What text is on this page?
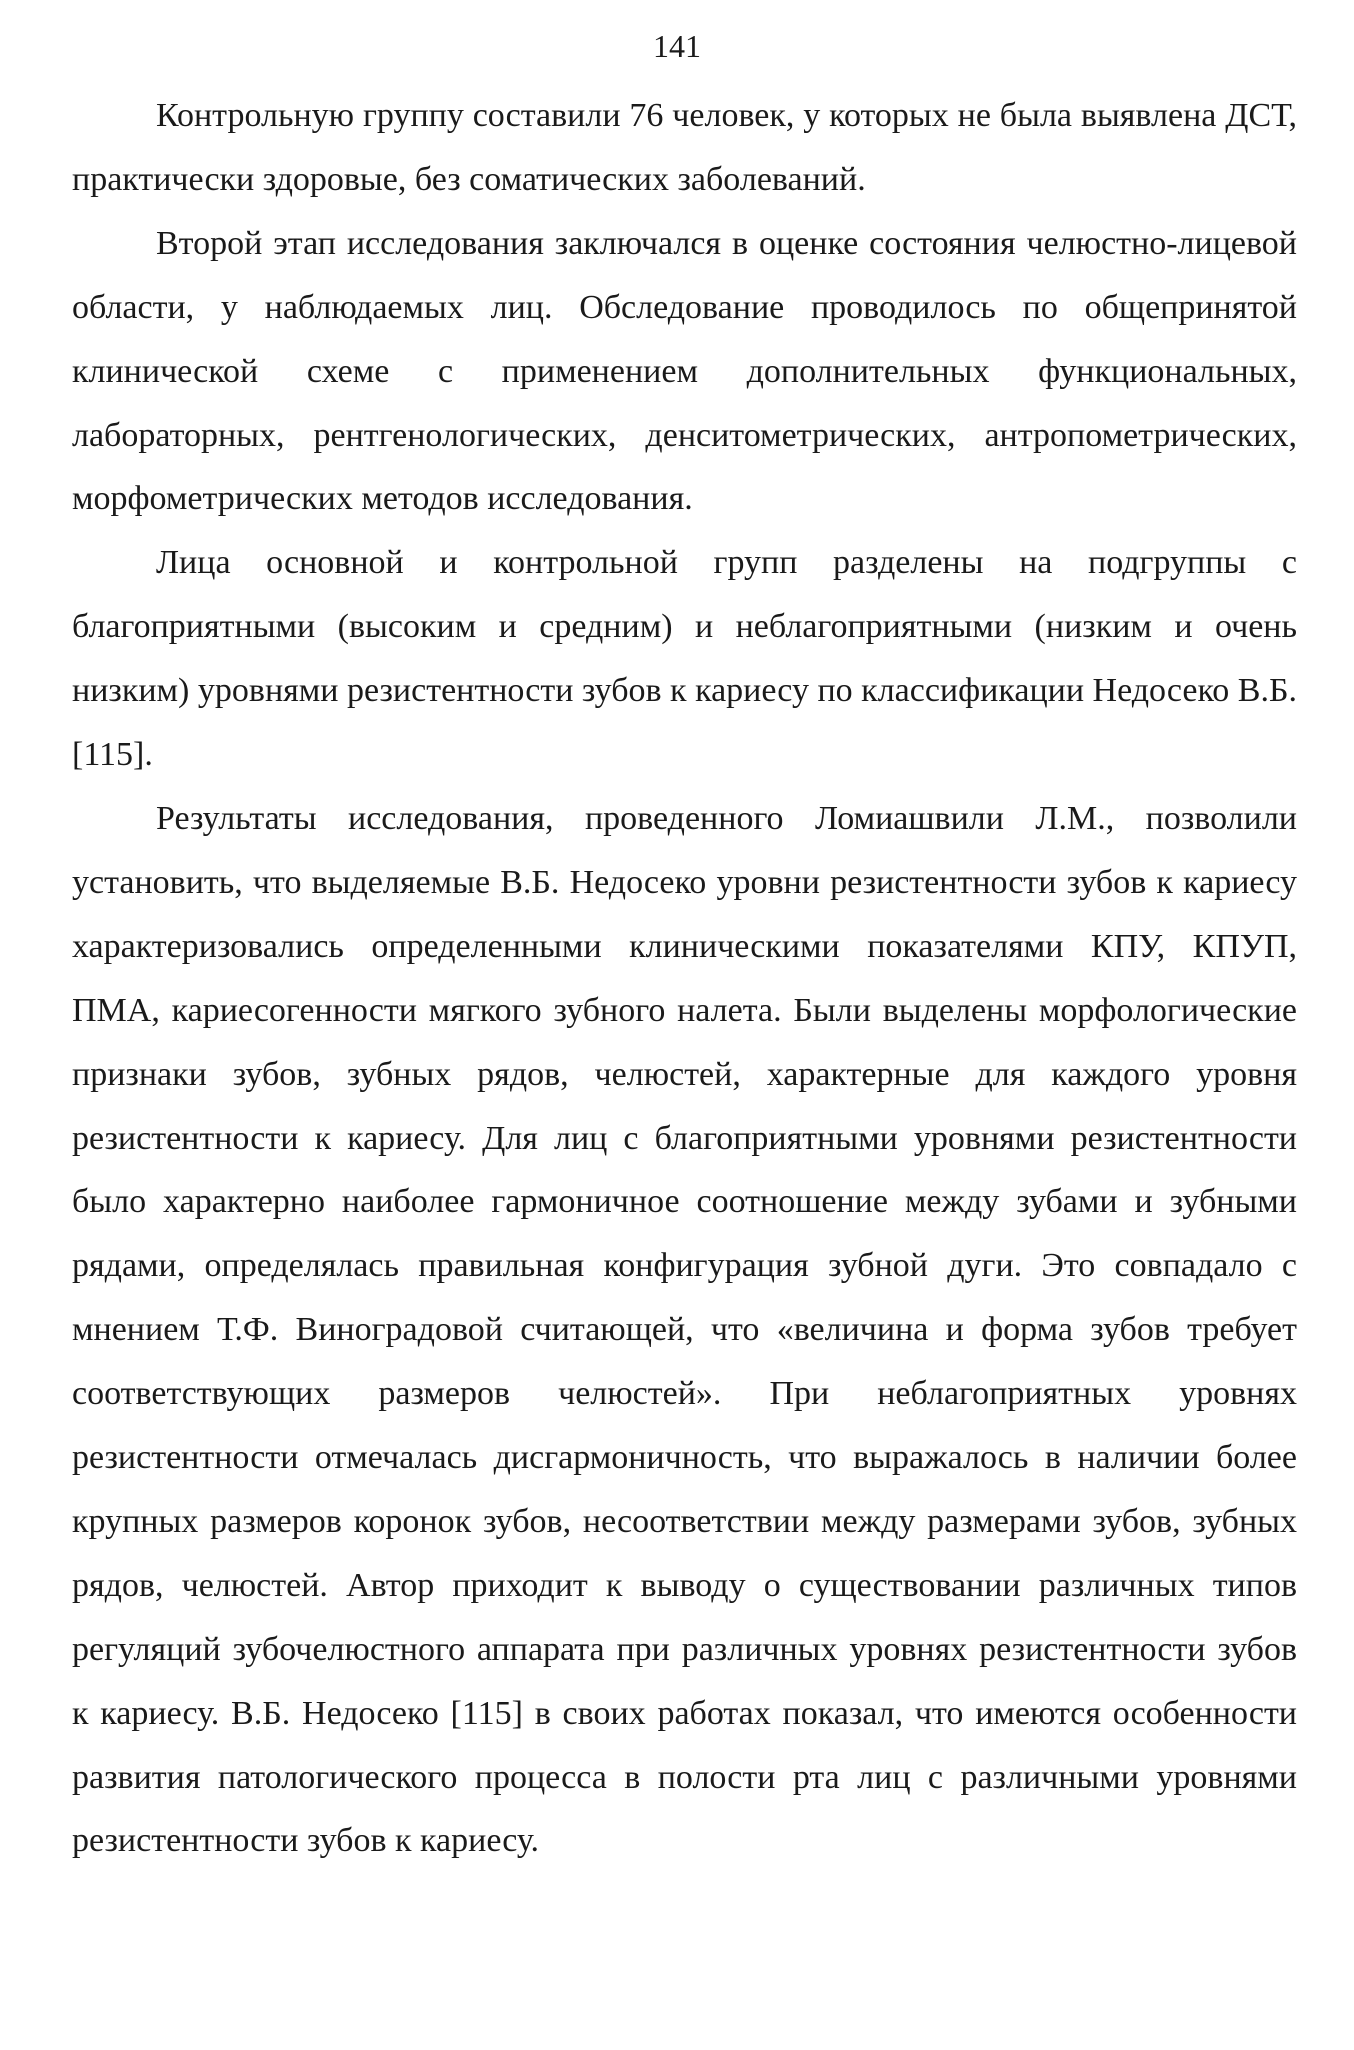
141

Контрольную группу составили 76 человек, у которых не была выявлена ДСТ, практически здоровые, без соматических заболеваний.

Второй этап исследования заключался в оценке состояния челюстно-лицевой области, у наблюдаемых лиц. Обследование проводилось по общепринятой клинической схеме с применением дополнительных функциональных, лабораторных, рентгенологических, денситометрических, антропометрических, морфометрических методов исследования.

Лица основной и контрольной групп разделены на подгруппы с благоприятными (высоким и средним) и неблагоприятными (низким и очень низким) уровнями резистентности зубов к кариесу по классификации Недосеко В.Б. [115].

Результаты исследования, проведенного Ломиашвили Л.М., позволили установить, что выделяемые В.Б. Недосеко уровни резистентности зубов к кариесу характеризовались определенными клиническими показателями КПУ, КПУП, ПМА, кариесогенности мягкого зубного налета. Были выделены морфологические признаки зубов, зубных рядов, челюстей, характерные для каждого уровня резистентности к кариесу. Для лиц с благоприятными уровнями резистентности было характерно наиболее гармоничное соотношение между зубами и зубными рядами, определялась правильная конфигурация зубной дуги. Это совпадало с мнением Т.Ф. Виноградовой считающей, что «величина и форма зубов требует соответствующих размеров челюстей». При неблагоприятных уровнях резистентности отмечалась дисгармоничность, что выражалось в наличии более крупных размеров коронок зубов, несоответствии между размерами зубов, зубных рядов, челюстей. Автор приходит к выводу о существовании различных типов регуляций зубочелюстного аппарата при различных уровнях резистентности зубов к кариесу. В.Б. Недосеко [115] в своих работах показал, что имеются особенности развития патологического процесса в полости рта лиц с различными уровнями резистентности зубов к кариесу.
